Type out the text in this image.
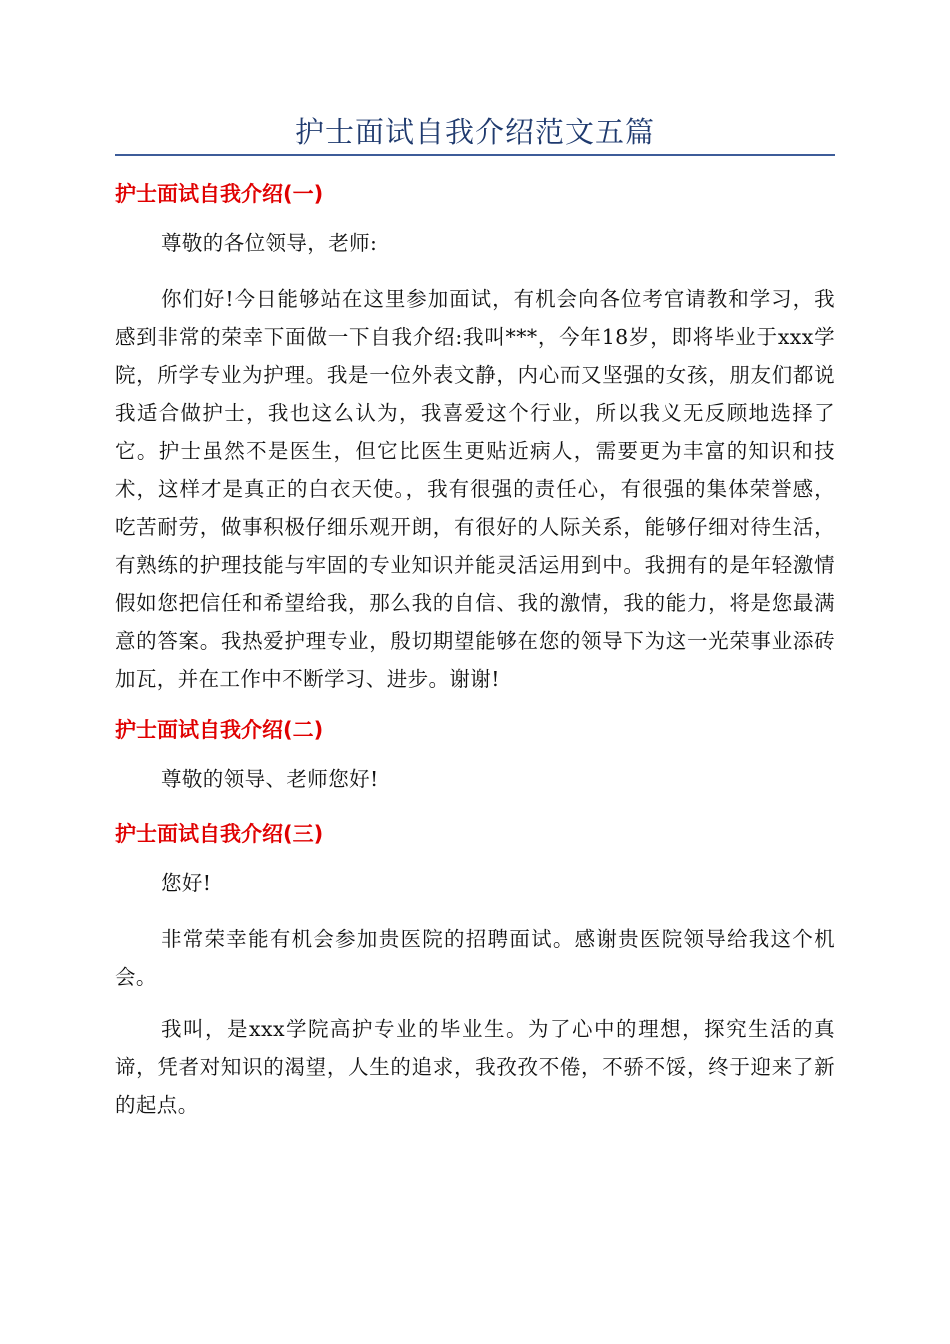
护士面试自我介绍范文五篇
护士面试自我介绍(一)

尊敬的各位领导，老师:

你们好!今日能够站在这里参加面试，有机会向各位考官请教和学习，我感到非常的荣幸下面做一下自我介绍:我叫***，今年18岁，即将毕业于xxx学院，所学专业为护理。我是一位外表文静，内心而又坚强的女孩，朋友们都说我适合做护士，我也这么认为，我喜爱这个行业，所以我义无反顾地选择了它。护士虽然不是医生，但它比医生更贴近病人，需要更为丰富的知识和技术，这样才是真正的白衣天使。，我有很强的责任心，有很强的集体荣誉感，吃苦耐劳，做事积极仔细乐观开朗，有很好的人际关系，能够仔细对待生活，有熟练的护理技能与牢固的专业知识并能灵活运用到中。我拥有的是年轻激情假如您把信任和希望给我，那么我的自信、我的激情，我的能力，将是您最满意的答案。我热爱护理专业，殷切期望能够在您的领导下为这一光荣事业添砖加瓦，并在工作中不断学习、进步。谢谢!

护士面试自我介绍(二)

尊敬的领导、老师您好!

护士面试自我介绍(三)

您好!

非常荣幸能有机会参加贵医院的招聘面试。感谢贵医院领导给我这个机会。

我叫，是xxx学院高护专业的毕业生。为了心中的理想，探究生活的真谛，凭者对知识的渴望，人生的追求，我孜孜不倦，不骄不馁，终于迎来了新的起点。
